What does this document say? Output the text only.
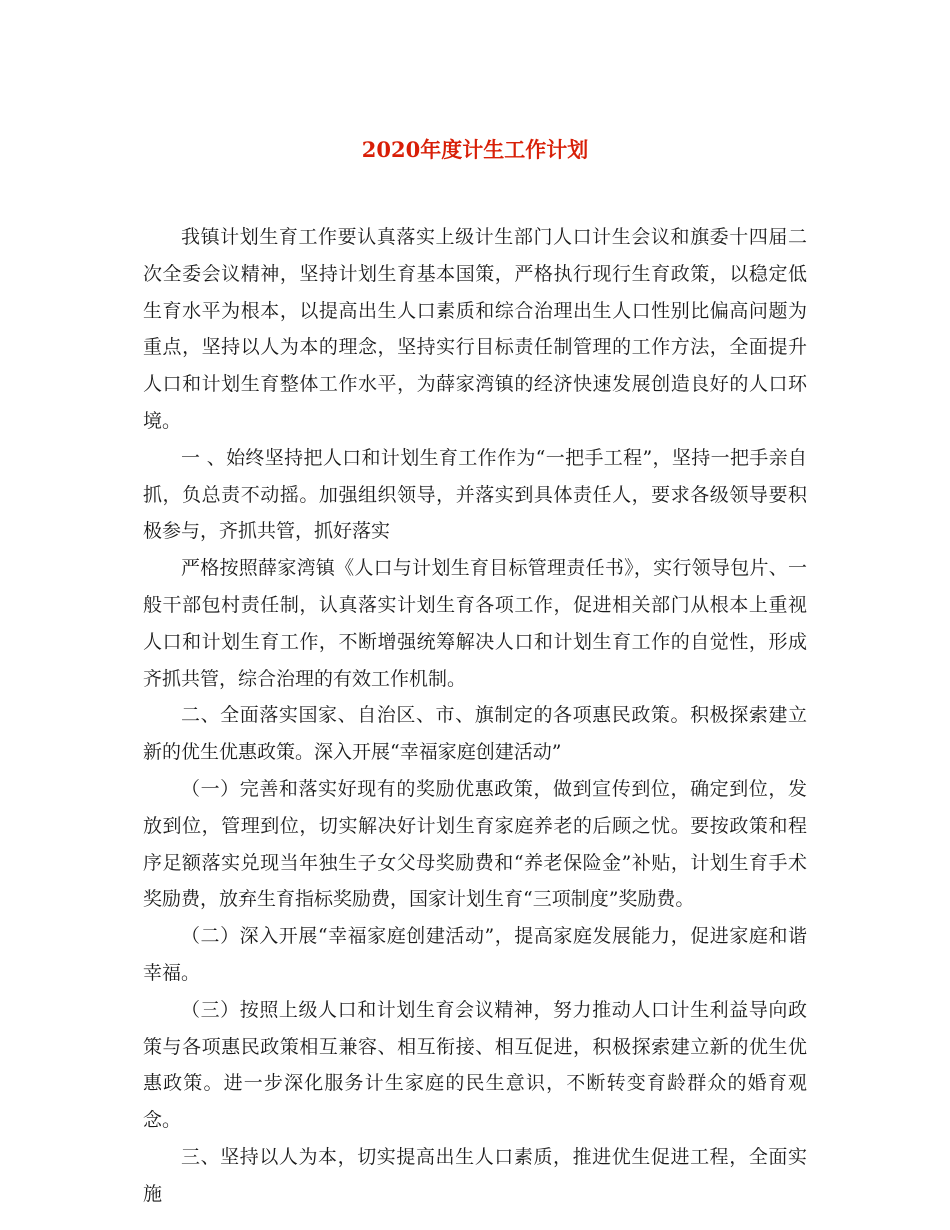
2020年度计生工作计划

我镇计划生育工作要认真落实上级计生部门人口计生会议和旗委十四届二次全委会议精神，坚持计划生育基本国策，严格执行现行生育政策，以稳定低生育水平为根本，以提高出生人口素质和综合治理出生人口性别比偏高问题为重点，坚持以人为本的理念，坚持实行目标责任制管理的工作方法，全面提升人口和计划生育整体工作水平，为薛家湾镇的经济快速发展创造良好的人口环境。

一 、始终坚持把人口和计划生育工作作为“一把手工程”，坚持一把手亲自抓，负总责不动摇。加强组织领导，并落实到具体责任人，要求各级领导要积极参与，齐抓共管，抓好落实

严格按照薛家湾镇《人口与计划生育目标管理责任书》，实行领导包片、一般干部包村责任制，认真落实计划生育各项工作，促进相关部门从根本上重视人口和计划生育工作，不断增强统筹解决人口和计划生育工作的自觉性，形成齐抓共管，综合治理的有效工作机制。

二、全面落实国家、自治区、市、旗制定的各项惠民政策。积极探索建立新的优生优惠政策。深入开展“幸福家庭创建活动”

（一）完善和落实好现有的奖励优惠政策，做到宣传到位，确定到位，发放到位，管理到位，切实解决好计划生育家庭养老的后顾之忧。要按政策和程序足额落实兑现当年独生子女父母奖励费和“养老保险金”补贴，计划生育手术奖励费，放弃生育指标奖励费，国家计划生育“三项制度”奖励费。

（二）深入开展“幸福家庭创建活动”，提高家庭发展能力，促进家庭和谐幸福。

（三）按照上级人口和计划生育会议精神，努力推动人口计生利益导向政策与各项惠民政策相互兼容、相互衔接、相互促进，积极探索建立新的优生优惠政策。进一步深化服务计生家庭的民生意识，不断转变育龄群众的婚育观念。

三、坚持以人为本，切实提高出生人口素质，推进优生促进工程，全面实施
